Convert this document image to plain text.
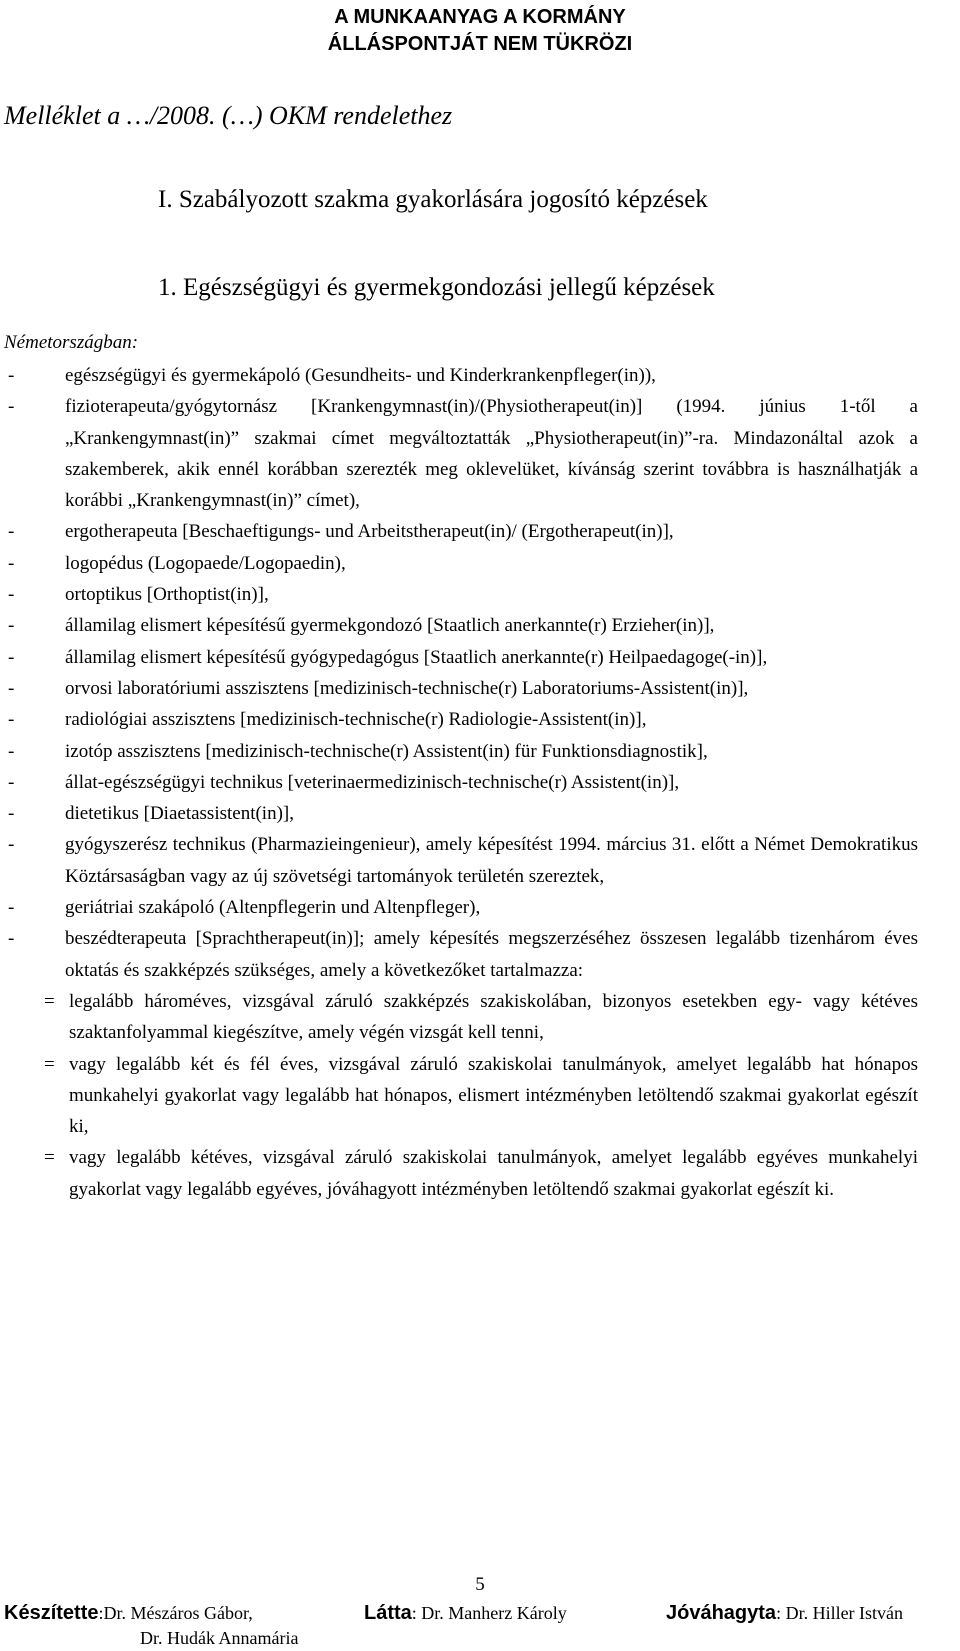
A MUNKAANYAG A KORMÁNY
ÁLLÁSPONTJÁT NEM TÜKRÖZI
Melléklet a …/2008. (…) OKM rendelethez
I. Szabályozott szakma gyakorlására jogosító képzések
1. Egészségügyi és gyermekgondozási jellegű képzések
Németországban:
-	egészségügyi és gyermekápoló (Gesundheits- und Kinderkrankenpfleger(in)),
-	fizioterapeuta/gyógytornász [Krankengymnast(in)/(Physiotherapeut(in)] (1994. június 1-től a „Krankengymnast(in)” szakmai címet megváltoztatták „Physiotherapeut(in)”-ra. Mindazonáltal azok a szakemberek, akik ennél korábban szerezték meg oklevelüket, kívánság szerint továbbra is használhatják a korábbi „Krankengymnast(in)” címet),
-	ergotherapeuta [Beschaeftigungs- und Arbeitstherapeut(in)/ (Ergotherapeut(in)],
-	logopédus (Logopaede/Logopaedin),
-	ortoptikus [Orthoptist(in)],
-	államilag elismert képesítésű gyermekgondozó [Staatlich anerkannte(r) Erzieher(in)],
-	államilag elismert képesítésű gyógypedagógus [Staatlich anerkannte(r) Heilpaedagoge(-in)],
-	orvosi laboratóriumi asszisztens [medizinisch-technische(r) Laboratoriums-Assistent(in)],
-	radiológiai asszisztens [medizinisch-technische(r) Radiologie-Assistent(in)],
-	izotóp asszisztens [medizinisch-technische(r) Assistent(in) für Funktionsdiagnostik],
-	állat-egészségügyi technikus [veterinaermedizinisch-technische(r) Assistent(in)],
-	dietetikus [Diaetassistent(in)],
-	gyógyszerész technikus (Pharmazieingenieur), amely képesítést 1994. március 31. előtt a Német Demokratikus Köztársaságban vagy az új szövetségi tartományok területén szereztek,
-	geriátriai szakápoló (Altenpflegerin und Altenpfleger),
-	beszédterapeuta [Sprachtherapeut(in)]; amely képesítés megszerzéséhez összesen legalább tizenhárom éves oktatás és szakképzés szükséges, amely a következőket tartalmazza:
= legalább hároméves, vizsgával záruló szakképzés szakiskolában, bizonyos esetekben egy- vagy kétéves szaktanfolyammal kiegészítve, amely végén vizsgát kell tenni,
= vagy legalább két és fél éves, vizsgával záruló szakiskolai tanulmányok, amelyet legalább hat hónapos munkahelyi gyakorlat vagy legalább hat hónapos, elismert intézményben letöltendő szakmai gyakorlat egészít ki,
= vagy legalább kétéves, vizsgával záruló szakiskolai tanulmányok, amelyet legalább egyéves munkahelyi gyakorlat vagy legalább egyéves, jóváhagyott intézményben letöltendő szakmai gyakorlat egészít ki.
5
Készítette:Dr. Mészáros Gábor,
Dr. Hudák Annamária
Látta: Dr. Manherz Károly	Jóváhagyta: Dr. Hiller István
